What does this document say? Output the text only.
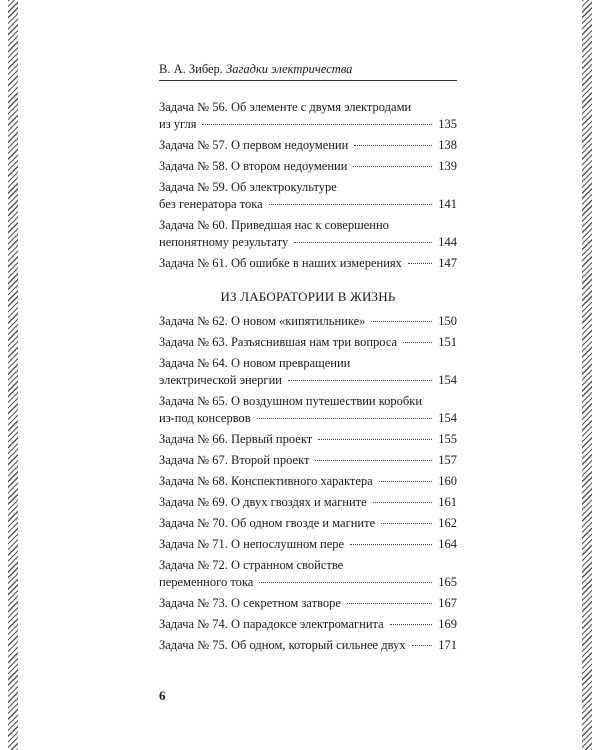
В. А. Зибер. Загадки электричества
Задача № 56. Об элементе с двумя электродами
из угля	135
Задача № 57. О первом недоумении	138
Задача № 58. О втором недоумении	139
Задача № 59. Об электрокультуре
без генератора тока	141
Задача № 60. Приведшая нас к совершенно
непонятному результату	144
Задача № 61. Об ошибке в наших измерениях	147
ИЗ ЛАБОРАТОРИИ В ЖИЗНЬ
Задача № 62. О новом «кипятильнике»	150
Задача № 63. Разъяснившая нам три вопроса	151
Задача № 64. О новом превращении
электрической энергии	154
Задача № 65. О воздушном путешествии коробки
из-под консервов	154
Задача № 66. Первый проект	155
Задача № 67. Второй проект	157
Задача № 68. Конспективного характера	160
Задача № 69. О двух гвоздях и магните	161
Задача № 70. Об одном гвозде и магните	162
Задача № 71. О непослушном пере	164
Задача № 72. О странном свойстве
переменного тока	165
Задача № 73. О секретном затворе	167
Задача № 74. О парадоксе электромагнита	169
Задача № 75. Об одном, который сильнее двух	171
6
